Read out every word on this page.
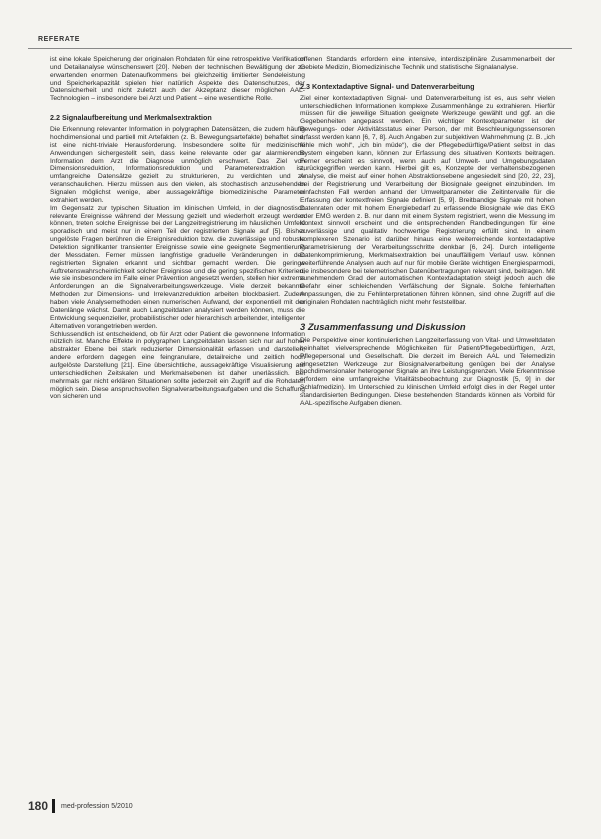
REFERATE

ist eine lokale Speicherung der originalen Rohdaten für eine retrospektive Verifikation und Detailanalyse wünschenswert [20]. Neben der technischen Bewältigung der zu erwartenden enormen Datenaufkommens bei gleichzeitig limitierter Sendeleistung und Speicherkapazität spielen hier natürlich Aspekte des Datenschutzes, der Datensicherheit und nicht zuletzt auch der Akzeptanz dieser möglichen AAL-Technologien – insbesondere bei Arzt und Patient – eine wesentliche Rolle.

2.2 Signalaufbereitung und Merkmalsextraktion

Die Erkennung relevanter Information in polygraphen Datensätzen, die zudem häufig hochdimensional und partiell mit Artefakten (z. B. Bewegungsartefakte) behaftet sind, ist eine nicht-triviale Herausforderung. Insbesondere sollte für medizinische Anwendungen sichergestellt sein, dass keine relevante oder gar alarmierende Information dem Arzt die Diagnose unmöglich erschwert. Das Ziel von Dimensionsreduktion, Informationsreduktion und Parameterextraktion ist, umfangreiche Datensätze gezielt zu strukturieren, zu verdichten und zu veranschaulichen. Hierzu müssen aus den vielen, als stochastisch anzusehenden Signalen möglichst wenige, aber aussagekräftige biomedizinische Parameter extrahiert werden.

Im Gegensatz zur typischen Situation im klinischen Umfeld, in der diagnostisch relevante Ereignisse während der Messung gezielt und wiederholt erzeugt werden können, treten solche Ereignisse bei der Langzeitregistrierung im häuslichen Umfeld sporadisch und meist nur in einem Teil der registrierten Signale auf [5]. Bisher ungelöste Fragen berühren die Ereignisreduktion bzw. die zuverlässige und robuste Detektion signifikanter transienter Ereignisse sowie eine geeignete Segmentierung der Messdaten. Ferner müssen langfristige graduelle Veränderungen in den registrierten Signalen erkannt und sichtbar gemacht werden. Die geringe Auftretenswahrscheinlichkeit solcher Ereignisse und die gering spezifischen Kriterien, wie sie insbesondere im Falle einer Prävention angesetzt werden, stellen hier extreme Anforderungen an die Signalverarbeitungswerkzeuge. Viele derzeit bekannte Methoden zur Dimensions- und Irrelevanzreduktion arbeiten blockbasiert. Zudem haben viele Analysemethoden einen numerischen Aufwand, der exponentiell mit der Datenlänge wächst. Damit auch Langzeitdaten analysiert werden können, muss die Entwicklung sequenzieller, probabilistischer oder hierarchisch arbeitender, intelligenter Alternativen vorangetrieben werden.

Schlussendlich ist entscheidend, ob für Arzt oder Patient die gewonnene Information nützlich ist. Manche Effekte in polygraphen Langzeitdaten lassen sich nur auf hoher abstrakter Ebene bei stark reduzierter Dimensionalität erfassen und darstellen, andere erfordern dagegen eine feingranulare, detailreiche und zeitlich hoch aufgelöste Darstellung [21]. Eine übersichtliche, aussagekräftige Visualisierung auf unterschiedlichen Zeitskalen und Merkmalsebenen ist daher unerlässlich. Bei mehrmals gar nicht erklären Situationen sollte jederzeit ein Zugriff auf die Rohdaten möglich sein. Diese anspruchsvollen Signalverarbeitungsaufgaben und die Schaffung von sicheren und

offenen Standards erfordern eine intensive, interdisziplinäre Zusammenarbeit der Gebiete Medizin, Biomedizinische Technik und statistische Signalanalyse.

2.3 Kontextadaptive Signal- und Datenverarbeitung

Ziel einer kontextadaptiven Signal- und Datenverarbeitung ist es, aus sehr vielen unterschiedlichen Informationen komplexe Zusammenhänge zu extrahieren. Hierfür müssen für die jeweilige Situation geeignete Werkzeuge gewählt und ggf. an die Gegebenheiten angepasst werden. Ein wichtiger Kontextparameter ist der Bewegungs- oder Aktivitätsstatus einer Person, der mit Beschleunigungssensoren erfasst werden kann [6, 7, 8]. Auch Angaben zur subjektiven Wahrnehmung (z. B. „ich fühle mich wohl“, „ich bin müde“), die der Pflegebedürftige/Patient selbst in das System eingeben kann, können zur Erfassung des situativen Kontexts beitragen. Ferner erscheint es sinnvoll, wenn auch auf Umwelt- und Umgebungsdaten zurückgegriffen werden kann. Hierbei gilt es, Konzepte der verhaltensbezogenen Analyse, die meist auf einer hohen Abstraktionsebene angesiedelt sind [20, 22, 23], bei der Registrierung und Verarbeitung der Biosignale geeignet einzubinden. Im einfachsten Fall werden anhand der Umweltparameter die Zeitintervalle für die Erfassung der kontextfreien Signale definiert [5, 9]. Breitbandige Signale mit hohen Datenraten oder mit hohem Energiebedarf zu erfassende Biosignale wie das EKG oder EMG werden z. B. nur dann mit einem System registriert, wenn die Messung im Kontext sinnvoll erscheint und die entsprechenden Randbedingungen für eine zuverlässige und qualitativ hochwertige Registrierung erfüllt sind. In einem komplexeren Szenario ist darüber hinaus eine weiterreichende kontextadaptive Parametrisierung der Verarbeitungsschritte denkbar [6, 24]. Durch intelligente Datenkomprimierung, Merkmalsextraktion bei unauffälligem Verlauf usw. können weiterführende Analysen auch auf nur für mobile Geräte wichtigen Energiesparmodi, die insbesondere bei telemetrischen Datenübertragungen relevant sind, beitragen. Mit zunehmendem Grad der automatischen Kontextadaptation steigt jedoch auch die Gefahr einer schleichenden Verfälschung der Signale. Solche fehlerhaften Anpassungen, die zu Fehlinterpretationen führen können, sind ohne Zugriff auf die originalen Rohdaten nachträglich nicht mehr feststellbar.

3 Zusammenfassung und Diskussion

Die Perspektive einer kontinuierlichen Langzeiterfassung von Vital- und Umweltdaten beinhaltet vielversprechende Möglichkeiten für Patient/Pflegebedürftigen, Arzt, Pflegepersonal und Gesellschaft. Die derzeit im Bereich AAL und Telemedizin eingesetzten Werkzeuge zur Biosignalverarbeitung genügen bei der Analyse hochdimensionaler heterogener Signale an ihre Leistungsgrenzen. Viele Erkenntnisse erfordern eine umfangreiche Vitalitätsbeobachtung zur Diagnostik [5, 9] in der Schlafmedizin). Im Unterschied zu klinischen Umfeld erfolgt dies in der Regel unter standardisierten Bedingungen. Diese bestehenden Standards können als Vorbild für AAL-spezifische Aufgaben dienen.

180	med-profession 5/2010
